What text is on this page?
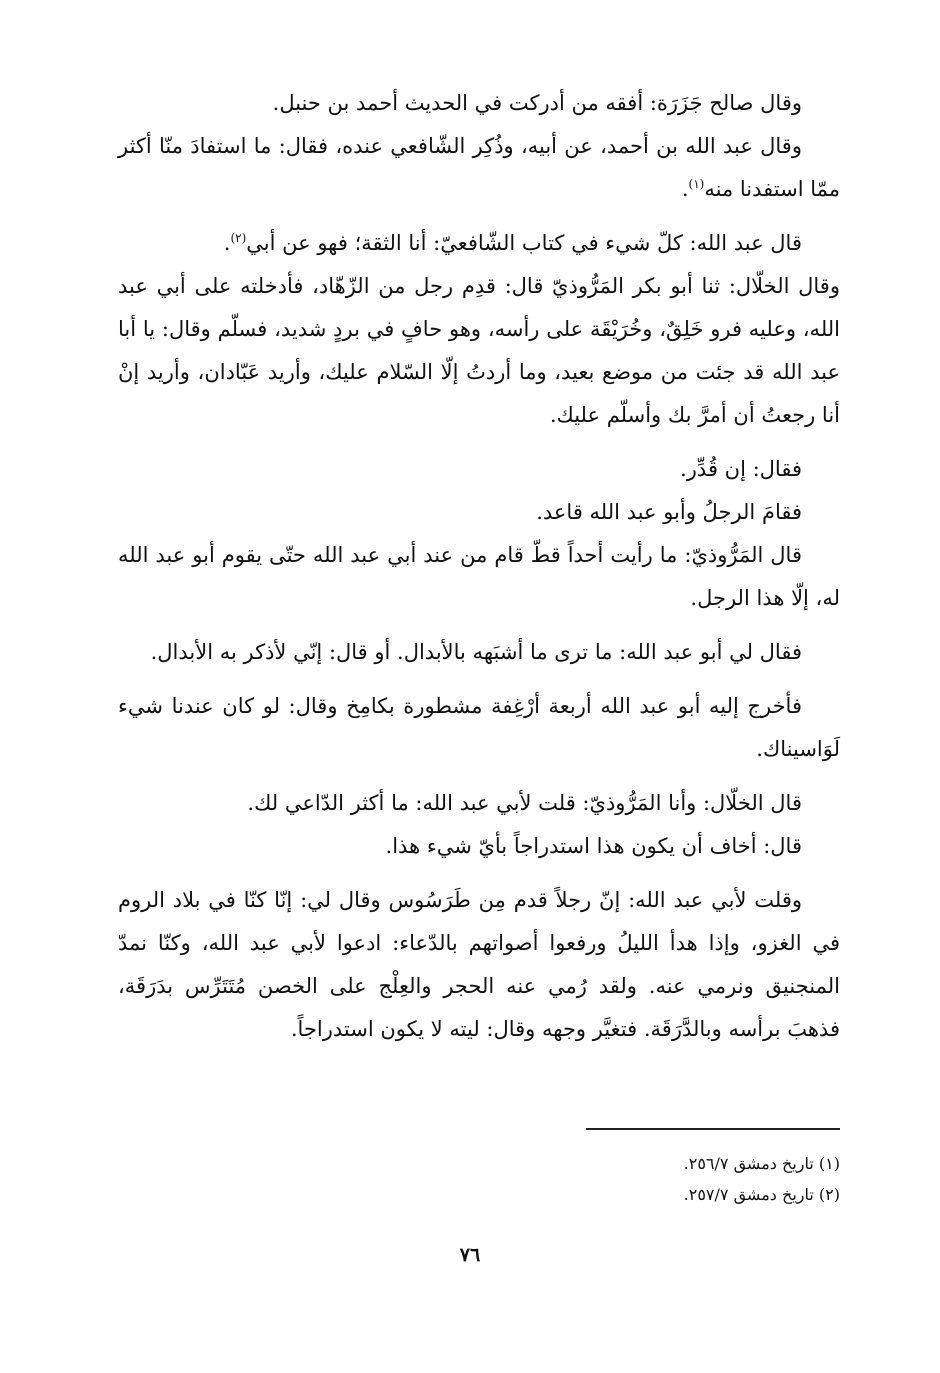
وقال صالح جَزَرَة: أفقه من أدركت في الحديث أحمد بن حنبل.

وقال عبد الله بن أحمد، عن أبيه، وذُكِر الشّافعي عنده، فقال: ما استفادَ منّا أكثر ممّا استفدنا منه$^{(١)}$.

قال عبد الله: كلّ شيء في كتاب الشّافعيّ: أنا الثقة؛ فهو عن أبي$^{(٢)}$.

وقال الخلّال: ثنا أبو بكر المَرُّوذيّ قال: قدِم رجل من الزّهّاد، فأدخلته على أبي عبد الله، وعليه فرو خَلِقٌ، وخُرَيْقَة على رأسه، وهو حافٍ في بردٍ شديد، فسلّم وقال: يا أبا عبد الله قد جئت من موضع بعيد، وما أردتُ إلّا السّلام عليك، وأريد عَبّادان، وأريد إنْ أنا رجعتُ أن أمرَّ بك وأسلّم عليك.

فقال: إن قُدِّر.

فقامَ الرجلُ وأبو عبد الله قاعد.

قال المَرُّوذيّ: ما رأيت أحداً قطّ قام من عند أبي عبد الله حتّى يقوم أبو عبد الله له، إلّا هذا الرجل.

فقال لي أبو عبد الله: ما ترى ما أشبَهه بالأبدال. أو قال: إنّي لأذكر به الأبدال.

فأخرج إليه أبو عبد الله أربعة أرْغِفة مشطورة بكامِخ وقال: لو كان عندنا شيء لَوَاسيناك.

قال الخلّال: وأنا المَرُّوذيّ: قلت لأبي عبد الله: ما أكثر الدّاعي لك.

قال: أخاف أن يكون هذا استدراجاً بأيّ شيء هذا.

وقلت لأبي عبد الله: إنّ رجلاً قدم مِن طَرَسُوس وقال لي: إنّا كنّا في بلاد الروم في الغزو، وإذا هدأ الليلُ ورفعوا أصواتهم بالدّعاء: ادعوا لأبي عبد الله، وكنّا نمدّ المنجنيق ونرمي عنه. ولقد رُمي عنه الحجر والعِلْج على الخصن مُتَتَرِّس بدَرَقَة، فذهبَ برأسه وبالدَّرَقَة. فتغيَّر وجهه وقال: ليته لا يكون استدراجاً.

(١) تاريخ دمشق ٢٥٦/٧.

(٢) تاريخ دمشق ٢٥٧/٧.

٧٦
